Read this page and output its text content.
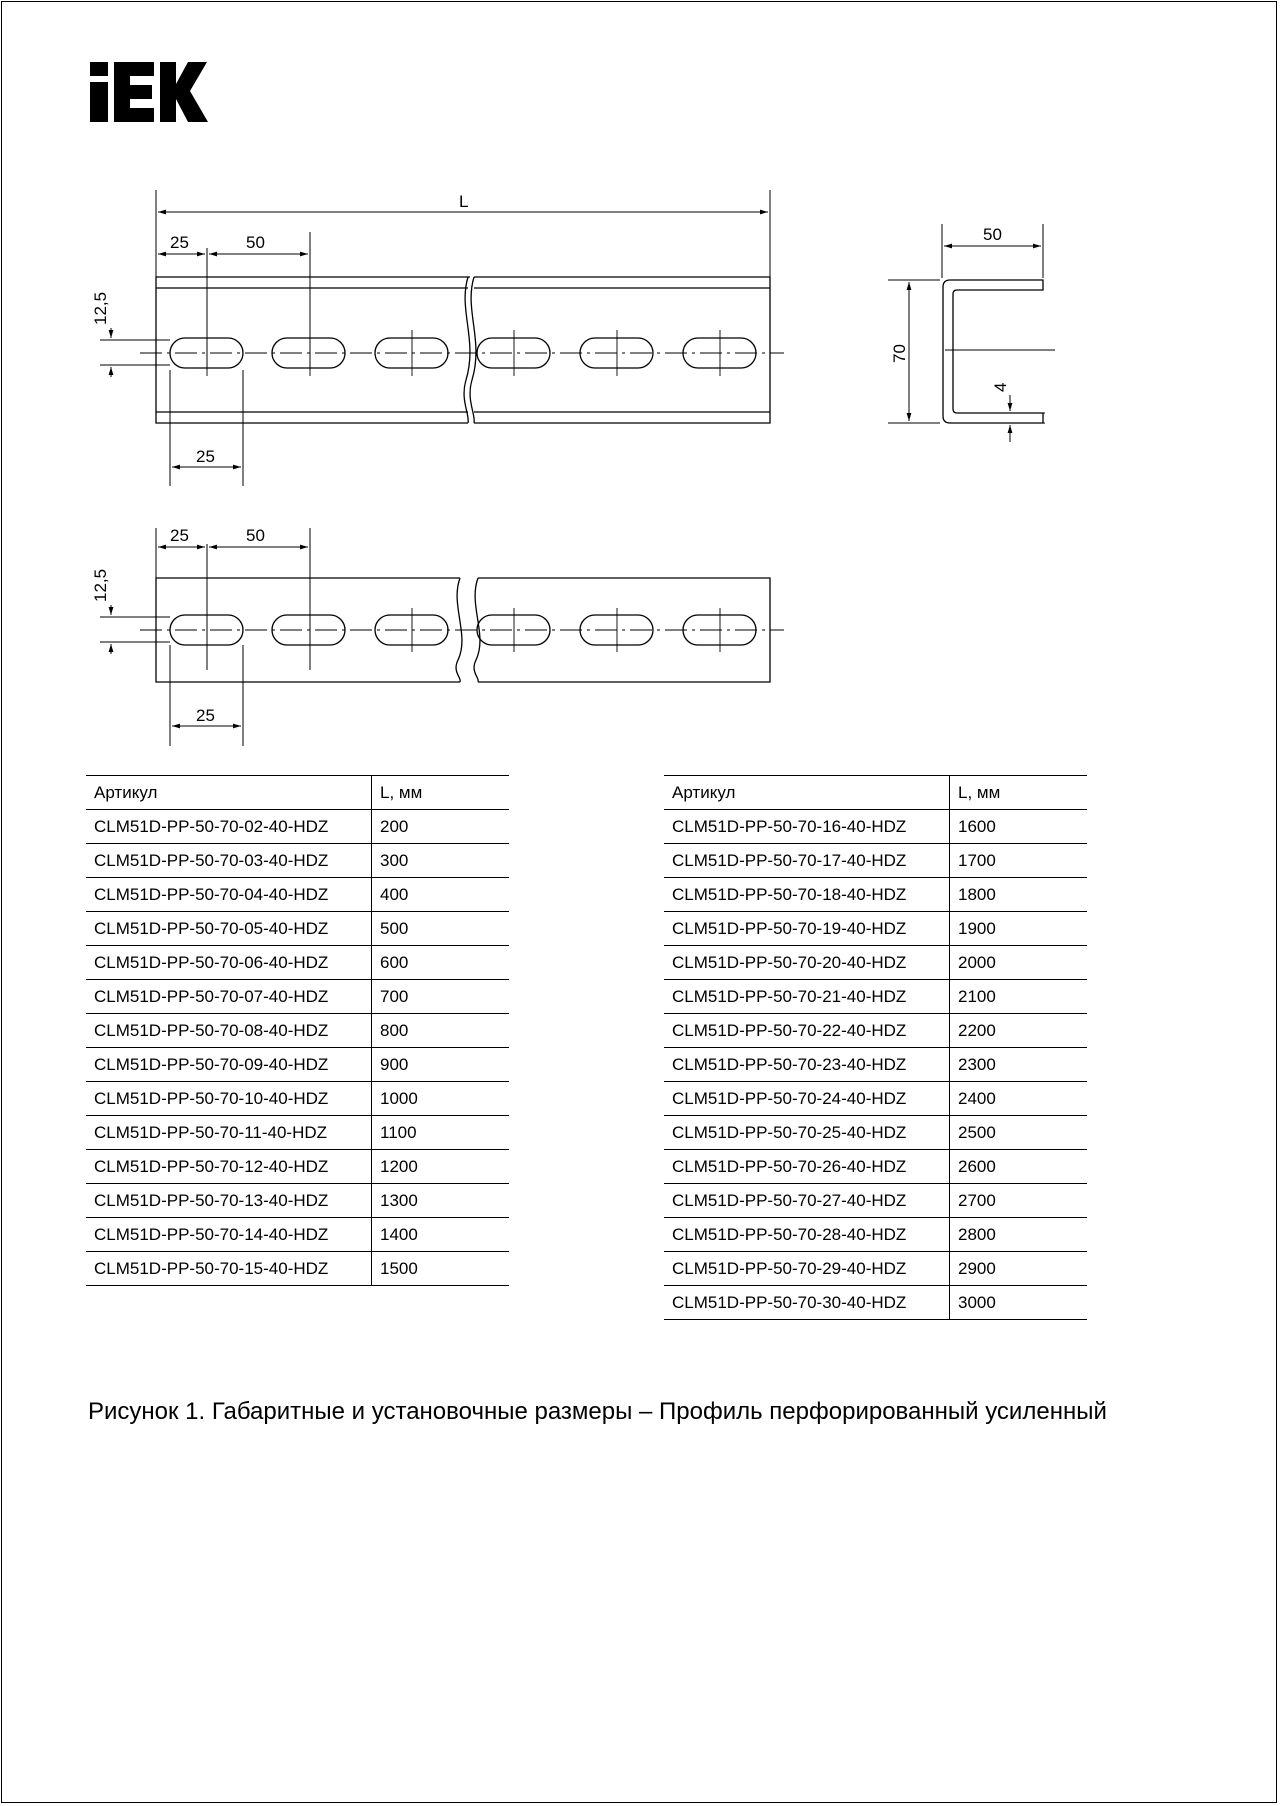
L
25	50
25
12,5
50
70
4
25	50
25
12,5
Артикул	L, мм
CLM51D-PP-50-70-02-40-HDZ	200
CLM51D-PP-50-70-03-40-HDZ	300
CLM51D-PP-50-70-04-40-HDZ	400
CLM51D-PP-50-70-05-40-HDZ	500
CLM51D-PP-50-70-06-40-HDZ	600
CLM51D-PP-50-70-07-40-HDZ	700
CLM51D-PP-50-70-08-40-HDZ	800
CLM51D-PP-50-70-09-40-HDZ	900
CLM51D-PP-50-70-10-40-HDZ	1000
CLM51D-PP-50-70-11-40-HDZ	1100
CLM51D-PP-50-70-12-40-HDZ	1200
CLM51D-PP-50-70-13-40-HDZ	1300
CLM51D-PP-50-70-14-40-HDZ	1400
CLM51D-PP-50-70-15-40-HDZ	1500
Артикул	L, мм
CLM51D-PP-50-70-16-40-HDZ	1600
CLM51D-PP-50-70-17-40-HDZ	1700
CLM51D-PP-50-70-18-40-HDZ	1800
CLM51D-PP-50-70-19-40-HDZ	1900
CLM51D-PP-50-70-20-40-HDZ	2000
CLM51D-PP-50-70-21-40-HDZ	2100
CLM51D-PP-50-70-22-40-HDZ	2200
CLM51D-PP-50-70-23-40-HDZ	2300
CLM51D-PP-50-70-24-40-HDZ	2400
CLM51D-PP-50-70-25-40-HDZ	2500
CLM51D-PP-50-70-26-40-HDZ	2600
CLM51D-PP-50-70-27-40-HDZ	2700
CLM51D-PP-50-70-28-40-HDZ	2800
CLM51D-PP-50-70-29-40-HDZ	2900
CLM51D-PP-50-70-30-40-HDZ	3000
Рисунок 1. Габаритные и установочные размеры – Профиль перфорированный усиленный
